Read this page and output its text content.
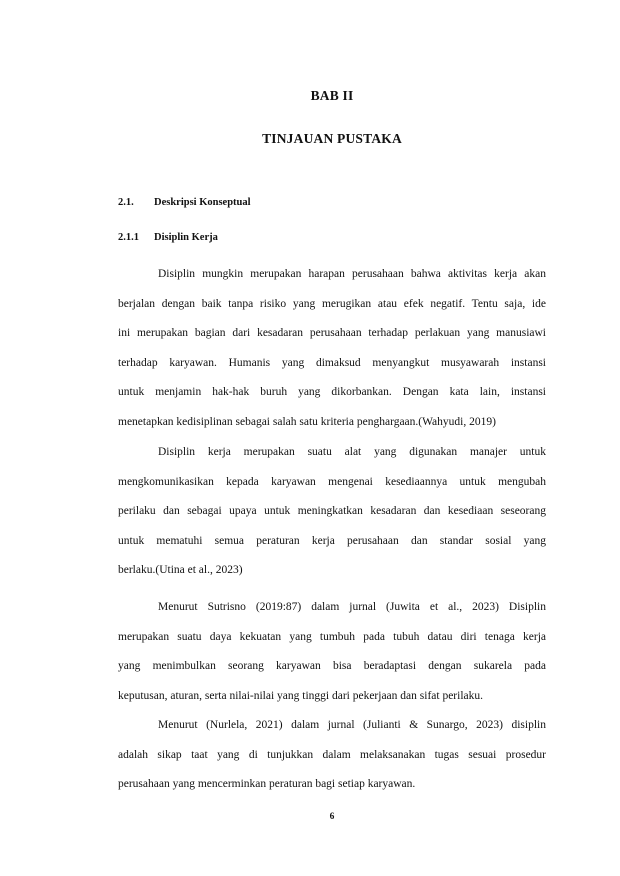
BAB II
TINJAUAN PUSTAKA
2.1. Deskripsi Konseptual
2.1.1 Disiplin Kerja

Disiplin mungkin merupakan harapan perusahaan bahwa aktivitas kerja akan

berjalan dengan baik tanpa risiko yang merugikan atau efek negatif. Tentu saja, ide

ini merupakan bagian dari kesadaran perusahaan terhadap perlakuan yang manusiawi

terhadap karyawan. Humanis yang dimaksud menyangkut musyawarah instansi

untuk menjamin hak-hak buruh yang dikorbankan. Dengan kata lain, instansi

menetapkan kedisiplinan sebagai salah satu kriteria penghargaan.(Wahyudi, 2019)

Disiplin kerja merupakan suatu alat yang digunakan manajer untuk

mengkomunikasikan kepada karyawan mengenai kesediaannya untuk mengubah

perilaku dan sebagai upaya untuk meningkatkan kesadaran dan kesediaan seseorang

untuk mematuhi semua peraturan kerja perusahaan dan standar sosial yang

berlaku.(Utina et al., 2023)

Menurut Sutrisno (2019:87) dalam jurnal (Juwita et al., 2023) Disiplin

merupakan suatu daya kekuatan yang tumbuh pada tubuh datau diri tenaga kerja

yang menimbulkan seorang karyawan bisa beradaptasi dengan sukarela pada

keputusan, aturan, serta nilai-nilai yang tinggi dari pekerjaan dan sifat perilaku.

Menurut (Nurlela, 2021) dalam jurnal (Julianti & Sunargo, 2023) disiplin

adalah sikap taat yang di tunjukkan dalam melaksanakan tugas sesuai prosedur

perusahaan yang mencerminkan peraturan bagi setiap karyawan.

6
